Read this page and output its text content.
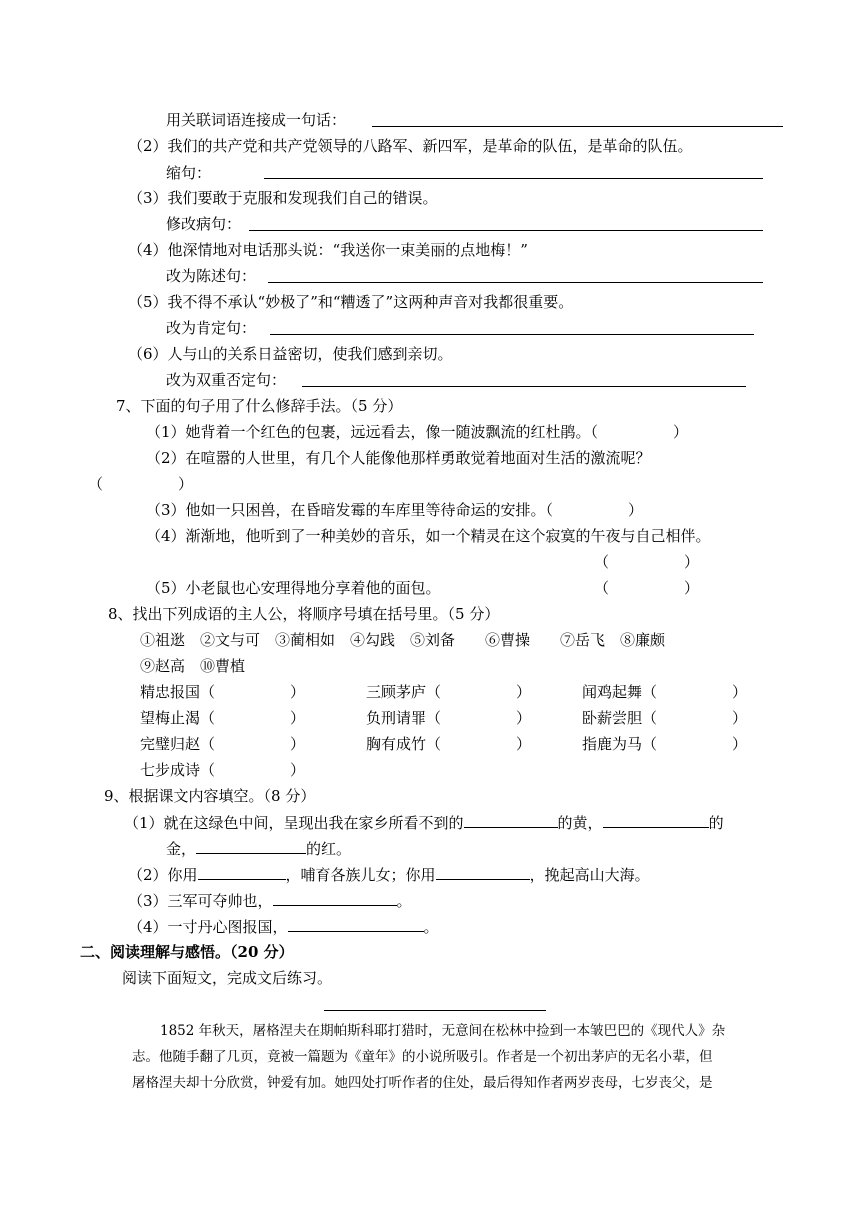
用关联词语连接成一句话：
（2）我们的共产党和共产党领导的八路军、新四军，是革命的队伍，是革命的队伍。
缩句：
（3）我们要敢于克服和发现我们自己的错误。
修改病句：
（4）他深情地对电话那头说：“我送你一束美丽的点地梅！”
改为陈述句：
（5）我不得不承认“妙极了”和“糟透了”这两种声音对我都很重要。
改为肯定句：
（6）人与山的关系日益密切，使我们感到亲切。
改为双重否定句：
7、下面的句子用了什么修辞手法。（5 分）
（1）她背着一个红色的包裹，远远看去，像一随波飘流的红杜鹃。（　　　　　）
（2）在喧嚣的人世里，有几个人能像他那样勇敢觉着地面对生活的激流呢？
（　　　　　）
（3）他如一只困兽，在昏暗发霉的车库里等待命运的安排。（　　　　　）
（4）渐渐地，他听到了一种美妙的音乐，如一个精灵在这个寂寞的午夜与自己相伴。
（　　　　　）
（5）小老鼠也心安理得地分享着他的面包。	（　　　　　）
8、找出下列成语的主人公，将顺序号填在括号里。（5 分）
①祖逖　②文与可　③蔺相如　④勾践　⑤刘备　　⑥曹操　　⑦岳飞　⑧廉颇
⑨赵高　⑩曹植
精忠报国（　　　　　）	三顾茅庐（　　　　　）	闻鸡起舞（　　　　　）
望梅止渴（　　　　　）	负刑请罪（　　　　　）	卧薪尝胆（　　　　　）
完璧归赵（　　　　　）	胸有成竹（　　　　　）	指鹿为马（　　　　　）
七步成诗（　　　　　）
9、根据课文内容填空。（8 分）
（1）就在这绿色中间，呈现出我在家乡所看不到的	的黄，	的
金，	的红。
（2）你用	，哺育各族儿女；你用	，挽起高山大海。
（3）三军可夺帅也，	。
（4）一寸丹心图报国，	。
二、阅读理解与感悟。（20 分）
阅读下面短文，完成文后练习。
1852 年秋天，屠格涅夫在期帕斯科耶打猎时，无意间在松林中捡到一本皱巴巴的《现代人》杂
志。他随手翻了几页，竟被一篇题为《童年》的小说所吸引。作者是一个初出茅庐的无名小辈，但
屠格涅夫却十分欣赏，钟爱有加。她四处打听作者的住处，最后得知作者两岁丧母，七岁丧父，是
